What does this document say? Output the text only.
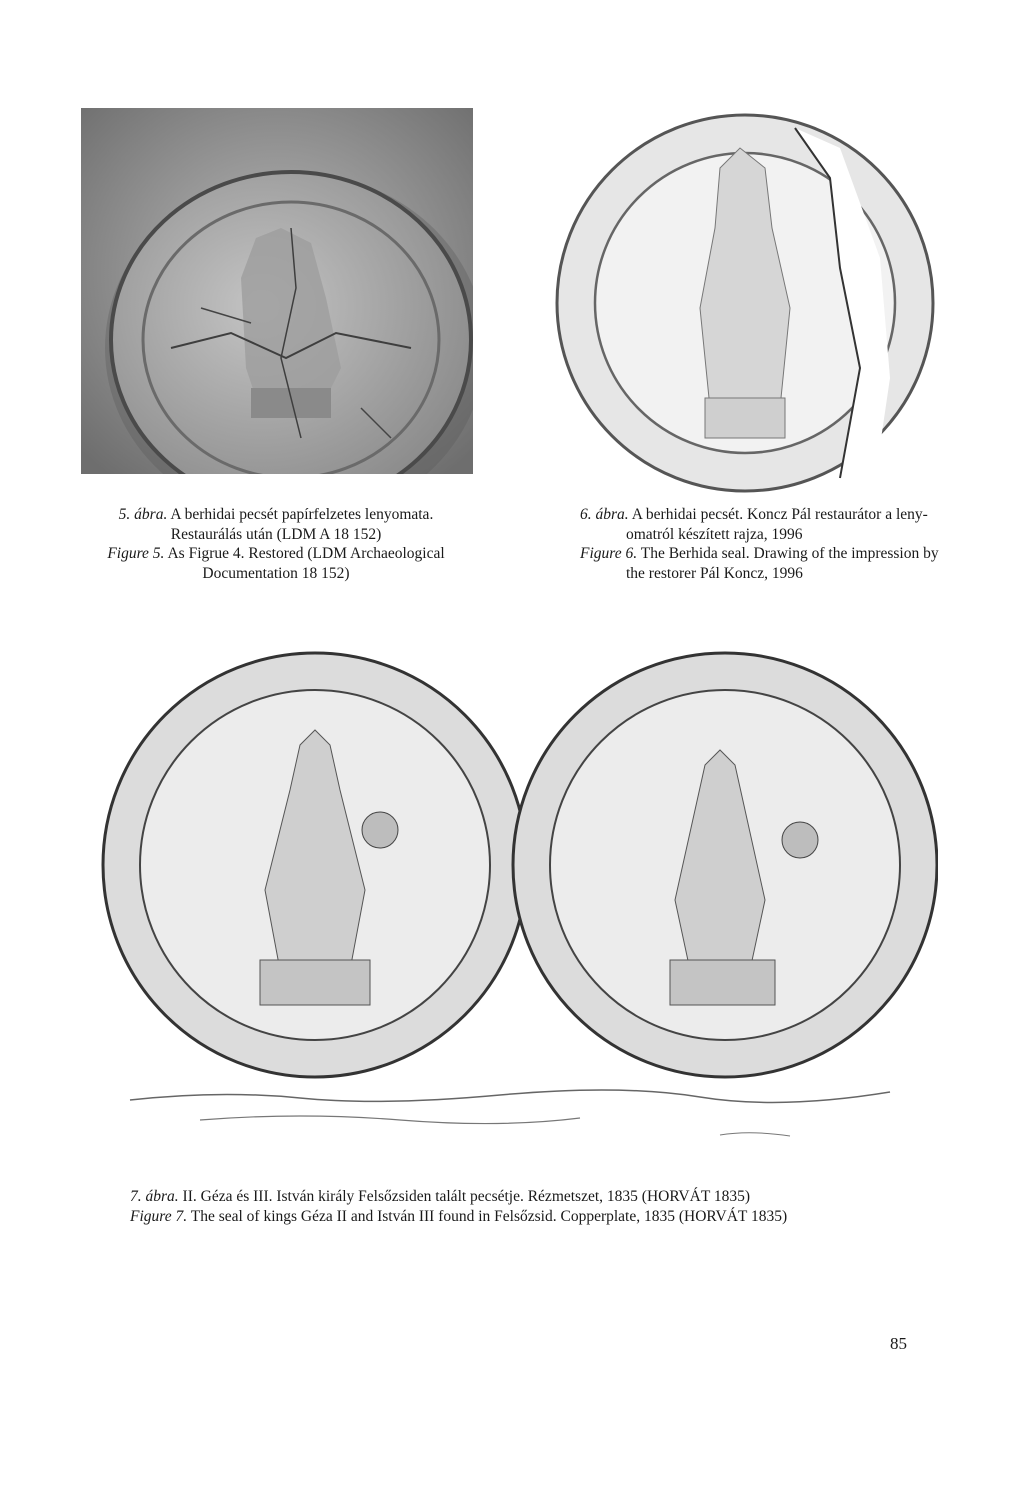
5. ábra. A berhidai pecsét papírfelzetes lenyomata.
Restaurálás után (LDM A 18 152)
Figure 5. As Figrue 4. Restored (LDM Archaeological
Documentation 18 152)
6. ábra. A berhidai pecsét. Koncz Pál restaurátor a leny-
omatról készített rajza, 1996
Figure 6. The Berhida seal. Drawing of the impression by
the restorer Pál Koncz, 1996
7. ábra. II. Géza és III. István király Felsőzsiden talált pecsétje. Rézmetszet, 1835 (HORVÁT 1835)
Figure 7. The seal of kings Géza II and István III found in Felsőzsid. Copperplate, 1835 (HORVÁT 1835)
85
